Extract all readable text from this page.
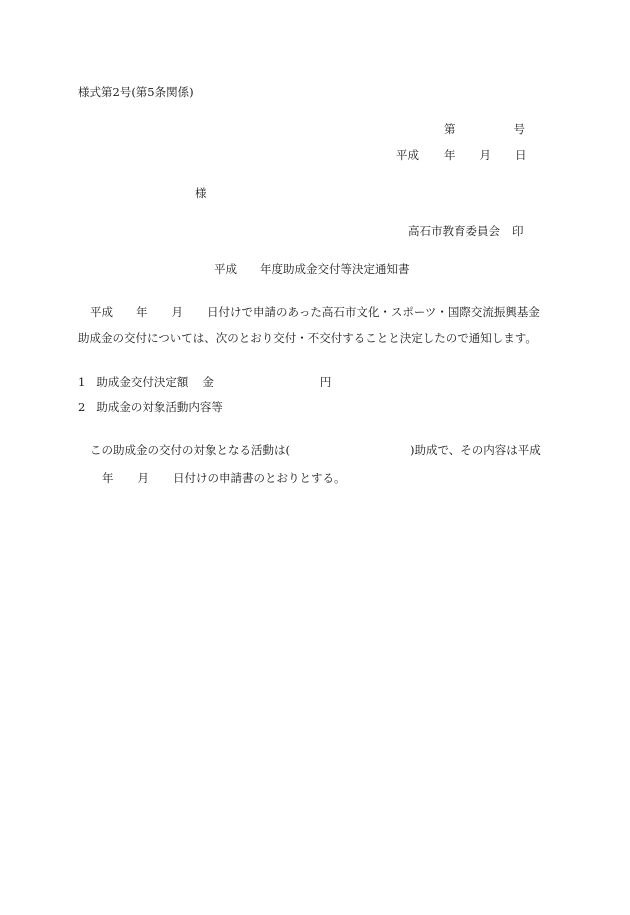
様式第2号(第5条関係)

第	号

平成 年 月 日

様

高石市教育委員会 印

平成 年度助成金交付等決定通知書

平成 年 月 日付けで申請のあった高石市文化・スポーツ・国際交流振興基金

助成金の交付については、次のとおり交付・不交付することと決定したので通知します。

1 助成金交付決定額 金	円

2 助成金の対象活動内容等

この助成金の交付の対象となる活動は(	)助成で、その内容は平成

年 月 日付けの申請書のとおりとする。
